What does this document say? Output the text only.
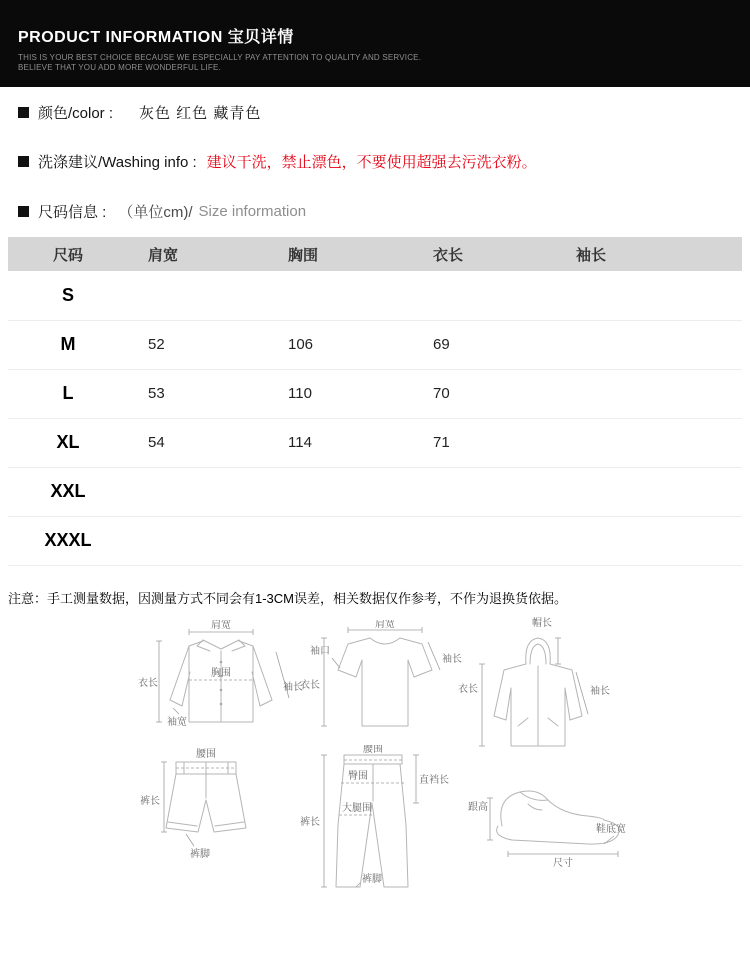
PRODUCT INFORMATION 宝贝详情

THIS IS YOUR BEST CHOICE BECAUSE WE ESPECIALLY PAY ATTENTION TO QUALITY AND SERVICE.

BELIEVE THAT YOU ADD MORE WONDERFUL LIFE.

颜色/color : 灰色 红色 藏青色
洗涤建议/Washing info : 建议干洗，禁止漂色，不要使用超强去污洗衣粉。
尺码信息 : （单位cm)/ Size information
尺码	肩宽	胸围	衣长	袖长
S				
M	52	106	69	
L	53	110	70	
XL	54	114	71	
XXL				
XXXL				

注意：手工测量数据，因测量方式不同会有1-3CM误差，相关数据仅作参考，不作为退换货依据。

肩宽
胸围
衣长
袖宽
袖长
肩宽
袖口
衣长
袖长
帽长
衣长	袖长
腰围
裤长
裤脚
腰围
臀围	直裆长
裤长
大腿围
裤脚
跟高
鞋底宽
尺寸
